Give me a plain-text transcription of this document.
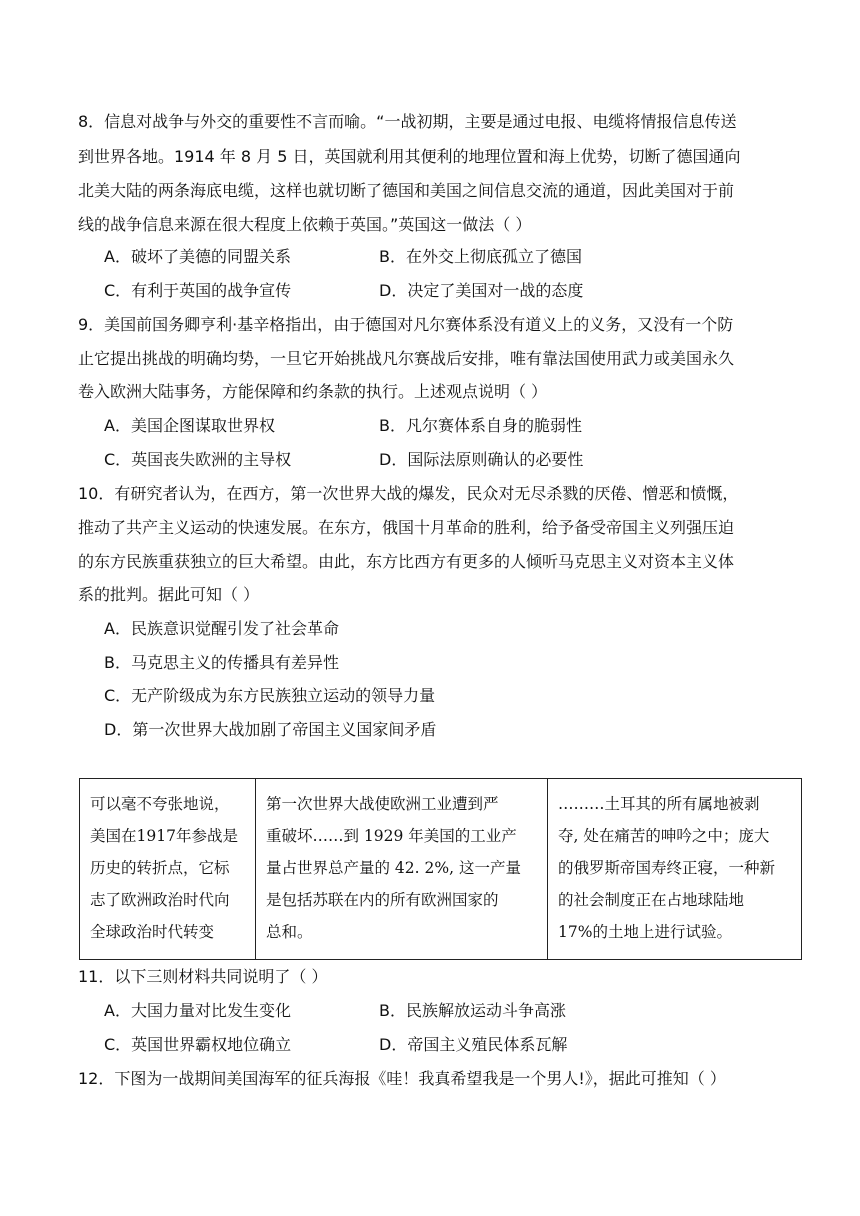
8．信息对战争与外交的重要性不言而喻。“一战初期，主要是通过电报、电缆将情报信息传送
到世界各地。1914 年 8 月 5 日，英国就利用其便利的地理位置和海上优势，切断了德国通向
北美大陆的两条海底电缆，这样也就切断了德国和美国之间信息交流的通道，因此美国对于前
线的战争信息来源在很大程度上依赖于英国。”英国这一做法（ ）
A．破坏了美德的同盟关系	B．在外交上彻底孤立了德国
C．有利于英国的战争宣传	D．决定了美国对一战的态度
9．美国前国务卿亨利·基辛格指出，由于德国对凡尔赛体系没有道义上的义务，又没有一个防
止它提出挑战的明确均势，一旦它开始挑战凡尔赛战后安排，唯有靠法国使用武力或美国永久
卷入欧洲大陆事务，方能保障和约条款的执行。上述观点说明（ ）
A．美国企图谋取世界权	B．凡尔赛体系自身的脆弱性
C．英国丧失欧洲的主导权	D．国际法原则确认的必要性
10．有研究者认为，在西方，第一次世界大战的爆发，民众对无尽杀戮的厌倦、憎恶和愤慨，
推动了共产主义运动的快速发展。在东方，俄国十月革命的胜利，给予备受帝国主义列强压迫
的东方民族重获独立的巨大希望。由此，东方比西方有更多的人倾听马克思主义对资本主义体
系的批判。据此可知（ ）
A．民族意识觉醒引发了社会革命
B．马克思主义的传播具有差异性
C．无产阶级成为东方民族独立运动的领导力量
D．第一次世界大战加剧了帝国主义国家间矛盾
可以毫不夸张地说，
美国在1917年参战是
历史的转折点，它标
志了欧洲政治时代向
全球政治时代转变

第一次世界大战使欧洲工业遭到严
重破坏……到 1929 年美国的工业产
量占世界总产量的 42. 2%, 这一产量
是包括苏联在内的所有欧洲国家的
总和。

………土耳其的所有属地被剥
夺, 处在痛苦的呻吟之中；庞大
的俄罗斯帝国寿终正寝，一种新
的社会制度正在占地球陆地
17%的土地上进行试验。
11．以下三则材料共同说明了（ ）
A．大国力量对比发生变化	B．民族解放运动斗争高涨
C．英国世界霸权地位确立	D．帝国主义殖民体系瓦解
12．下图为一战期间美国海军的征兵海报《哇！我真希望我是一个男人!》，据此可推知（ ）
